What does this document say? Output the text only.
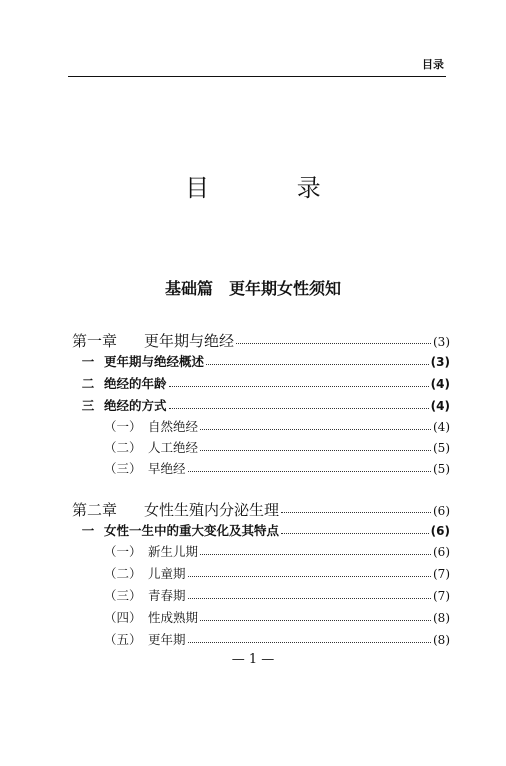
目录
目 录
基础篇　更年期女性须知
第一章	更年期与绝经	(3)
一 更年期与绝经概述	(3)
二 绝经的年龄	(4)
三 绝经的方式	(4)
（一） 自然绝经	(4)
（二） 人工绝经	(5)
（三） 早绝经	(5)
第二章	女性生殖内分泌生理	(6)
一 女性一生中的重大变化及其特点	(6)
（一） 新生儿期	(6)
（二） 儿童期	(7)
（三） 青春期	(7)
（四） 性成熟期	(8)
（五） 更年期	(8)
— 1 —
